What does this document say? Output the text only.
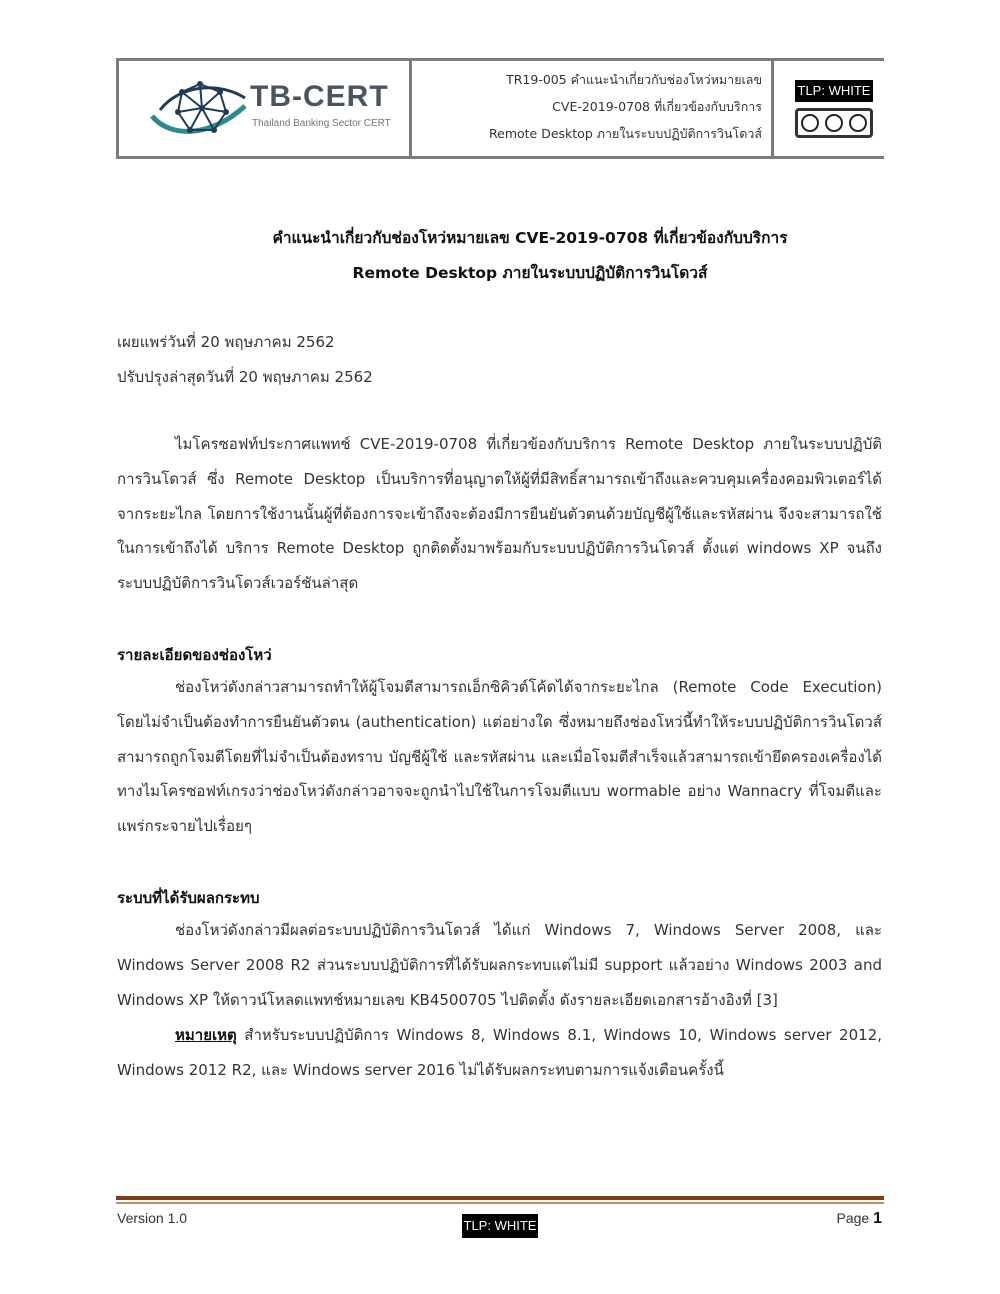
TB-CERT
Thailand Banking Sector CERT
TR19-005 คำแนะนำเกี่ยวกับช่องโหว่หมายเลข
CVE-2019-0708 ที่เกี่ยวข้องกับบริการ
Remote Desktop ภายในระบบปฏิบัติการวินโดวส์
TLP: WHITE
คำแนะนำเกี่ยวกับช่องโหว่หมายเลข CVE-2019-0708 ที่เกี่ยวข้องกับบริการ
Remote Desktop ภายในระบบปฏิบัติการวินโดวส์
เผยแพร่วันที่ 20 พฤษภาคม 2562
ปรับปรุงล่าสุดวันที่ 20 พฤษภาคม 2562
ไมโครซอฟท์ประกาศแพทช์ CVE-2019-0708 ที่เกี่ยวข้องกับบริการ Remote Desktop ภายในระบบปฏิบัติการวินโดวส์ ซึ่ง Remote Desktop เป็นบริการที่อนุญาตให้ผู้ที่มีสิทธิ์สามารถเข้าถึงและควบคุมเครื่องคอมพิวเตอร์ได้จากระยะไกล โดยการใช้งานนั้นผู้ที่ต้องการจะเข้าถึงจะต้องมีการยืนยันตัวตนด้วยบัญชีผู้ใช้และรหัสผ่าน จึงจะสามารถใช้ในการเข้าถึงได้ บริการ Remote Desktop ถูกติดตั้งมาพร้อมกับระบบปฏิบัติการวินโดวส์ ตั้งแต่ windows XP จนถึงระบบปฏิบัติการวินโดวส์เวอร์ชันล่าสุด
รายละเอียดของช่องโหว่
ช่องโหว่ดังกล่าวสามารถทำให้ผู้โจมตีสามารถเอ็กซิคิวต์โค้ดได้จากระยะไกล (Remote Code Execution) โดยไม่จำเป็นต้องทำการยืนยันตัวตน (authentication) แต่อย่างใด ซึ่งหมายถึงช่องโหว่นี้ทำให้ระบบปฏิบัติการวินโดวส์สามารถถูกโจมตีโดยที่ไม่จำเป็นต้องทราบ บัญชีผู้ใช้ และรหัสผ่าน และเมื่อโจมตีสำเร็จแล้วสามารถเข้ายึดครองเครื่องได้ ทางไมโครซอฟท์เกรงว่าช่องโหว่ดังกล่าวอาจจะถูกนำไปใช้ในการโจมตีแบบ wormable อย่าง Wannacry ที่โจมตีและแพร่กระจายไปเรื่อยๆ
ระบบที่ได้รับผลกระทบ
ช่องโหว่ดังกล่าวมีผลต่อระบบปฏิบัติการวินโดวส์ ได้แก่ Windows 7, Windows Server 2008, และ Windows Server 2008 R2 ส่วนระบบปฏิบัติการที่ได้รับผลกระทบแต่ไม่มี support แล้วอย่าง Windows 2003 and Windows XP ให้ดาวน์โหลดแพทช์หมายเลข KB4500705 ไปติดตั้ง ดังรายละเอียดเอกสารอ้างอิงที่ [3]
หมายเหตุ สำหรับระบบปฏิบัติการ Windows 8, Windows 8.1, Windows 10, Windows server 2012, Windows 2012 R2, และ Windows server 2016 ไม่ได้รับผลกระทบตามการแจ้งเตือนครั้งนี้
Version 1.0	TLP: WHITE	Page 1
